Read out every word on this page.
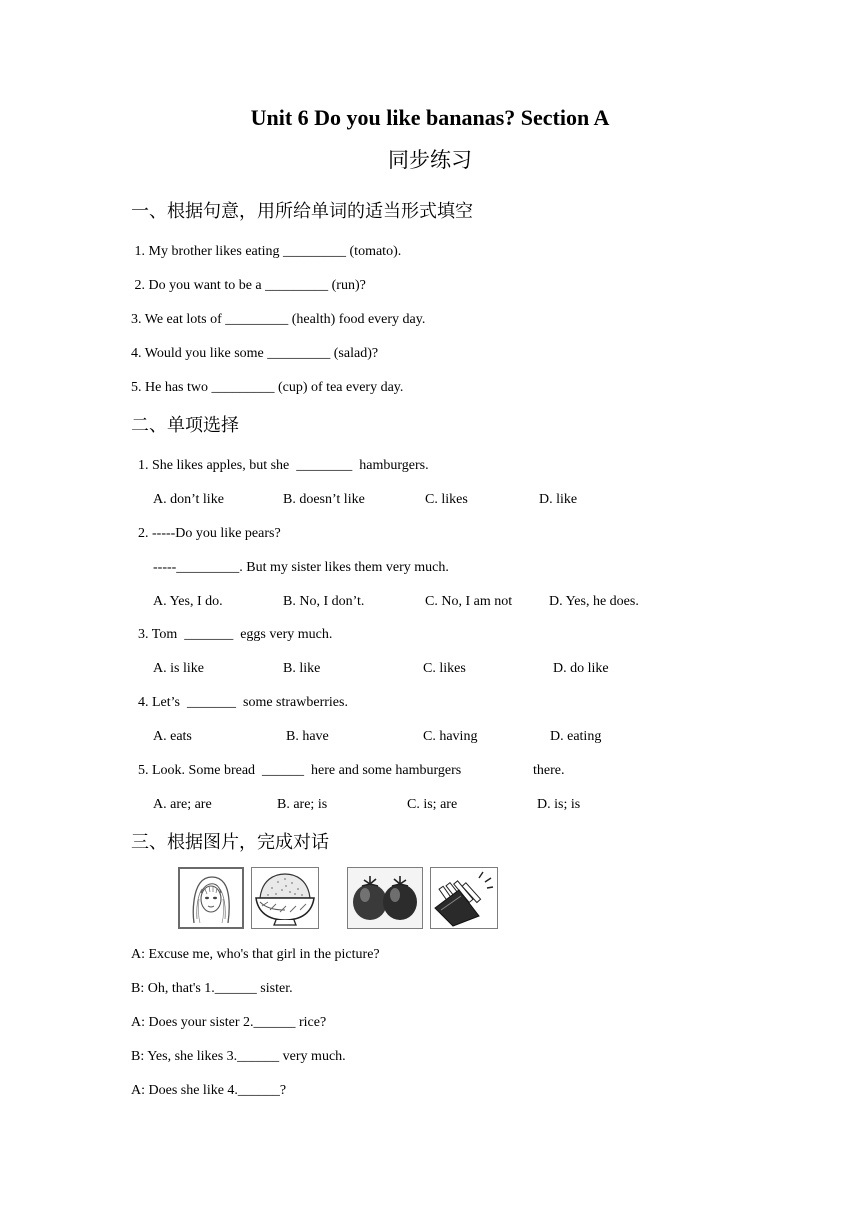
Unit 6 Do you like bananas? Section A
同步练习
一、根据句意，用所给单词的适当形式填空
1. My brother likes eating _________ (tomato).
2. Do you want to be a _________ (run)?
3. We eat lots of _________ (health) food every day.
4. Would you like some _________ (salad)?
5. He has two _________ (cup) of tea every day.
二、单项选择
1. She likes apples, but she  ________  hamburgers.
A. don’t like	B. doesn’t like	C. likes	D. like
2. -----Do you like pears?
-----_________. But my sister likes them very much.
A. Yes, I do.	B. No, I don’t.	C. No, I am not	D. Yes, he does.
3. Tom  _______  eggs very much.
A. is like	B. like	C. likes	D. do like
4. Let’s  _______  some strawberries.
A. eats	B. have	C. having	D. eating
5. Look. Some bread  ______  here and some hamburgers	there.
A. are; are	B. are; is	C. is; are	D. is; is
三、根据图片，完成对话
A: Excuse me, who's that girl in the picture?
B: Oh, that's 1.______ sister.
A: Does your sister 2.______ rice?
B: Yes, she likes 3.______ very much.
A: Does she like 4.______?
